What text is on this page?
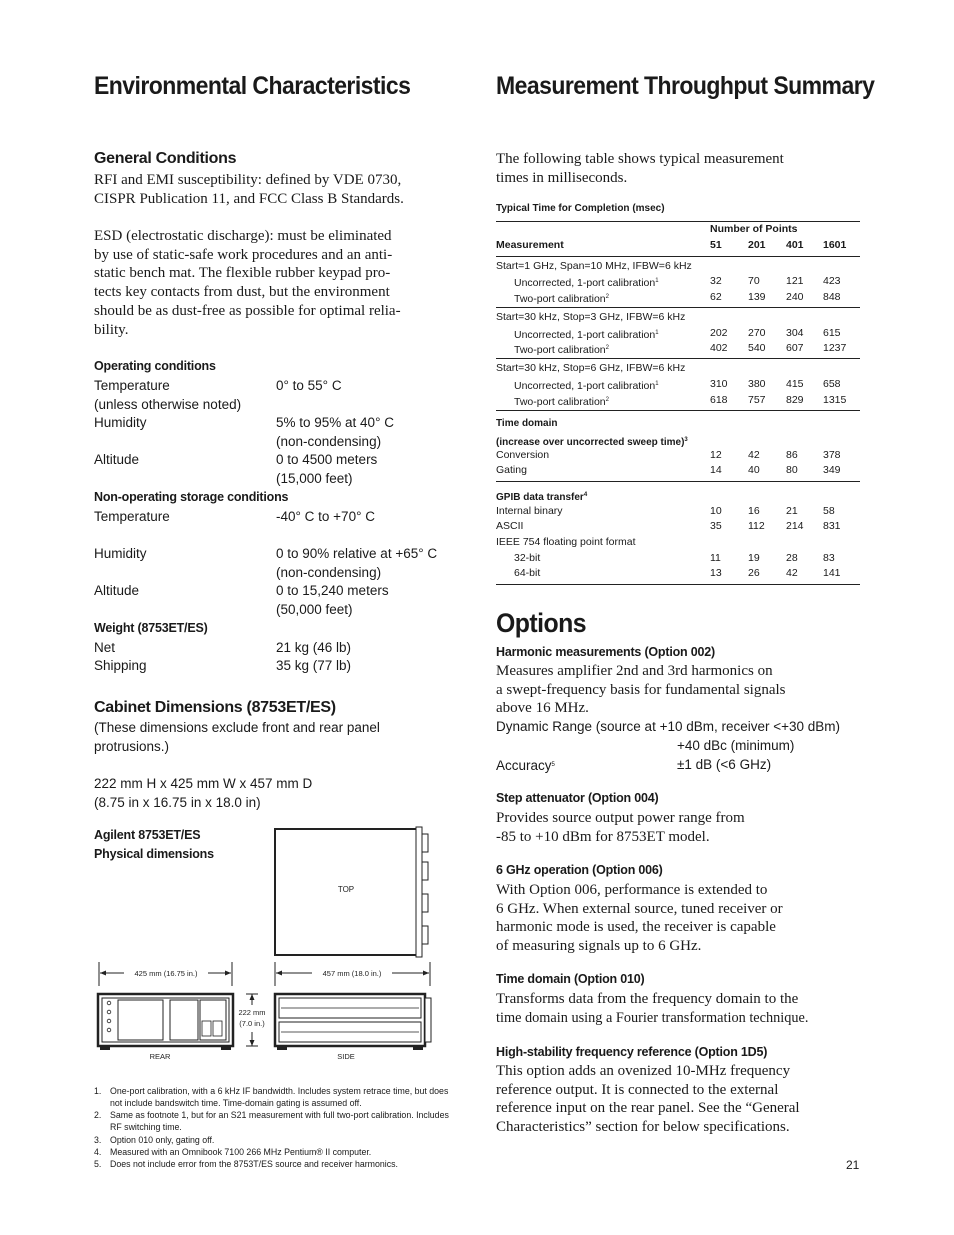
Environmental Characteristics
General Conditions
RFI and EMI susceptibility: defined by VDE 0730,
CISPR Publication 11, and FCC Class B Standards.
ESD (electrostatic discharge): must be eliminated
by use of static-safe work procedures and an anti-
static bench mat. The flexible rubber keypad pro-
tects key contacts from dust, but the environment
should be as dust-free as possible for optimal relia-
bility.
Operating conditions
Temperature	0° to 55° C
(unless otherwise noted)
Humidity	5% to 95% at 40° C
(non-condensing)
Altitude	0 to 4500 meters
(15,000 feet)
Non-operating storage conditions
Temperature	-40° C to +70° C
Humidity	0 to 90% relative at +65° C
(non-condensing)
Altitude	0 to 15,240 meters
(50,000 feet)
Weight (8753ET/ES)
Net	21 kg (46 lb)
Shipping	35 kg (77 lb)
Cabinet Dimensions (8753ET/ES)
(These dimensions exclude front and rear panel
protrusions.)
222 mm H x 425 mm W x 457 mm D
(8.75 in x 16.75 in x 18.0 in)
Agilent 8753ET/ES
Physical dimensions
TOP
425 mm (16.75 in.)	457 mm (18.0 in.)
REAR
222 mm
(7.0 in.)
SIDE
1. One-port calibration, with a 6 kHz IF bandwidth. Includes system retrace time, but does not include bandswitch time. Time-domain gating is assumed off.
2. Same as footnote 1, but for an S21 measurement with full two-port calibration. Includes RF switching time.
3. Option 010 only, gating off.
4. Measured with an Omnibook 7100 266 MHz Pentium® II computer.
5. Does not include error from the 8753T/ES source and receiver harmonics.
Measurement Throughput Summary
The following table shows typical measurement
times in milliseconds.
Typical Time for Completion (msec)
Number of Points
Measurement	51	201 401 1601
Start=1 GHz, Span=10 MHz, IFBW=6 kHz
Uncorrected, 1-port calibration$^1$	32	70	121 423
Two-port calibration$^2$	62	139 240 848
Start=30 kHz, Stop=3 GHz, IFBW=6 kHz
Uncorrected, 1-port calibration$^1$	202 270 304 615
Two-port calibration$^2$	402 540 607 1237
Start=30 kHz, Stop=6 GHz, IFBW=6 kHz
Uncorrected, 1-port calibration$^1$	310 380 415 658
Two-port calibration$^2$	618 757 829 1315
Time domain
(increase over uncorrected sweep time)$^3$
Conversion	12	42	86 378
Gating	14	40	80 349
GPIB data transfer$^4$
Internal binary	10	16	21 58
ASCII	35	112 214 831
IEEE 754 floating point format
32-bit	11	19	28 83
64-bit	13	26	42 141
Options
Harmonic measurements (Option 002)
Measures amplifier 2nd and 3rd harmonics on
a swept-frequency basis for fundamental signals
above 16 MHz.
Dynamic Range (source at +10 dBm, receiver <+30 dBm)
+40 dBc (minimum)
Accuracy$^5$	±1 dB (<6 GHz)
Step attenuator (Option 004)
Provides source output power range from
-85 to +10 dBm for 8753ET model.
6 GHz operation (Option 006)
With Option 006, performance is extended to
6 GHz. When external source, tuned receiver or
harmonic mode is used, the receiver is capable
of measuring signals up to 6 GHz.
Time domain (Option 010)
Transforms data from the frequency domain to the
time domain using a Fourier transformation technique.
High-stability frequency reference (Option 1D5)
This option adds an ovenized 10-MHz frequency
reference output. It is connected to the external
reference input on the rear panel. See the “General
Characteristics” section for below specifications.
21
